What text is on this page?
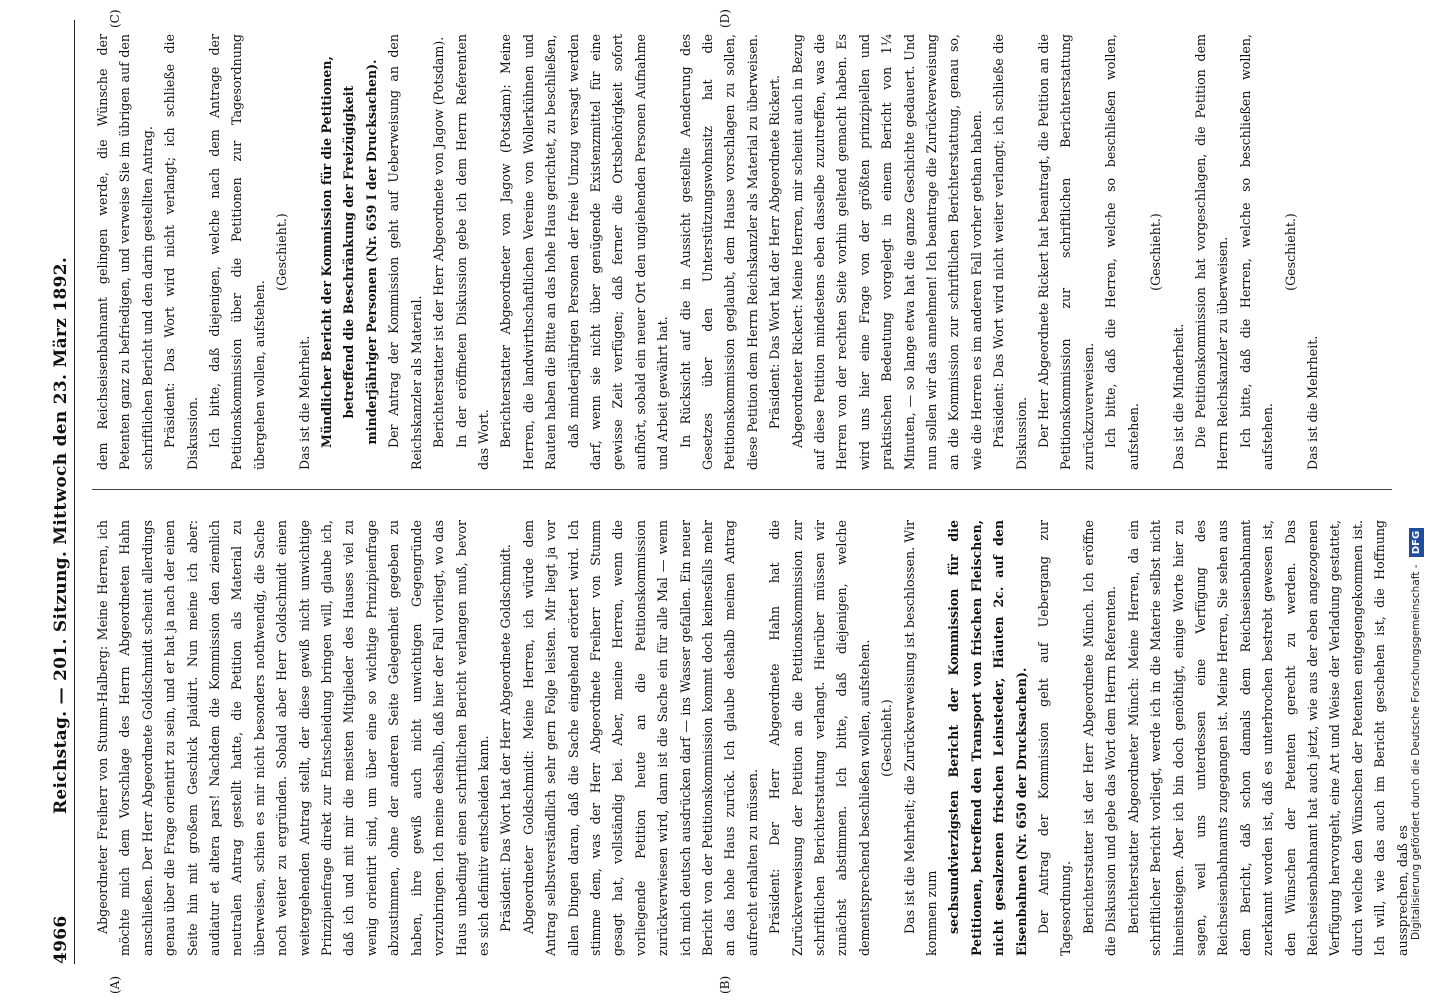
4966
Reichstag. — 201. Sitzung. Mittwoch den 23. März 1892.
(A)	(B)
(C)	(D)

Abgeordneter Freiherr von Stumm-Halberg: Meine Herren, ich möchte mich dem Vorschlage des Herrn Abgeordneten Hahn anschließen. Der Herr Abgeordnete Goldschmidt scheint allerdings genau über die Frage orientirt zu sein, und er hat ja nach der einen Seite hin mit großem Geschick plaidirt. Nun meine ich aber: audiatur et altera pars! Nachdem die Kommission den ziemlich neutralen Antrag gestellt hatte, die Petition als Material zu überweisen, schien es mir nicht besonders nothwendig, die Sache noch weiter zu ergründen. Sobald aber Herr Goldschmidt einen weitergehenden Antrag stellt, der diese gewiß nicht unwichtige Prinzipienfrage direkt zur Entscheidung bringen will, glaube ich, daß ich und mit mir die meisten Mitglieder des Hauses viel zu wenig orientirt sind, um über eine so wichtige Prinzipienfrage abzustimmen, ohne der anderen Seite Gelegenheit gegeben zu haben, ihre gewiß auch nicht unwichtigen Gegengründe vorzubringen. Ich meine deshalb, daß hier der Fall vorliegt, wo das Haus unbedingt einen schriftlichen Bericht verlangen muß, bevor es sich definitiv entscheiden kann. Präsident: Das Wort hat der Herr Abgeordnete Goldschmidt. Abgeordneter Goldschmidt: Meine Herren, ich würde dem Antrag selbstverständlich sehr gern Folge leisten. Mir liegt ja vor allen Dingen daran, daß die Sache eingehend erörtert wird. Ich stimme dem, was der Herr Abgeordnete Freiherr von Stumm gesagt hat, vollständig bei. Aber, meine Herren, wenn die vorliegende Petition heute an die Petitionskommission zurückverwiesen wird, dann ist die Sache ein für alle Mal — wenn ich mich deutsch ausdrücken darf — ins Wasser gefallen. Ein neuer Bericht von der Petitionskommission kommt doch keinesfalls mehr an das hohe Haus zurück. Ich glaube deshalb meinen Antrag aufrecht erhalten zu müssen. Präsident: Der Herr Abgeordnete Hahn hat die Zurückverweisung der Petition an die Petitionskommission zur schriftlichen Berichterstattung verlangt. Hierüber müssen wir zunächst abstimmen. Ich bitte, daß diejenigen, welche dementsprechend beschließen wollen, aufstehen. (Geschieht.) Das ist die Mehrheit; die Zurückverweisung ist beschlossen. Wir kommen zum sechsundvierzigsten Bericht der Kommission für die Petitionen, betreffend den Transport von frischen Fleischen, nicht gesalzenen frischen Leinsteder, Häuten 2c. auf den Eisenbahnen (Nr. 650 der Drucksachen). Der Antrag der Kommission geht auf Uebergang zur Tagesordnung. Berichterstatter ist der Herr Abgeordnete Münch. Ich eröffne die Diskussion und gebe das Wort dem Herrn Referenten. Berichterstatter Abgeordneter Münch: Meine Herren, da ein schriftlicher Bericht vorliegt, werde ich in die Materie selbst nicht hineinsteigen. Aber ich bin doch genöthigt, einige Worte hier zu sagen, weil uns unterdessen eine Verfügung des Reichseisenbahnamts zugegangen ist. Meine Herren, Sie sehen aus dem Bericht, daß schon damals dem Reichseisenbahnamt zuerkannt worden ist, daß es unterbrochen bestrebt gewesen ist, den Wünschen der Petenten gerecht zu werden. Das Reichseisenbahnamt hat auch jetzt, wie aus der eben angezogenen Verfügung hervorgeht, eine Art und Weise der Verladung gestattet, durch welche den Wünschen der Petenten entgegengekommen ist. Ich will, wie das auch im Bericht geschehen ist, die Hoffnung aussprechen, daß es

dem Reichseisenbahnamt gelingen werde, die Wünsche der Petenten ganz zu befriedigen, und verweise Sie im übrigen auf den schriftlichen Bericht und den darin gestellten Antrag. Präsident: Das Wort wird nicht verlangt; ich schließe die Diskussion. Ich bitte, daß diejenigen, welche nach dem Antrage der Petitionskommission über die Petitionen zur Tagesordnung übergehen wollen, aufstehen.

(Geschieht.)

Das ist die Mehrheit. Mündlicher Bericht der Kommission für die Petitionen, betreffend die Beschränkung der Freizügigkeit minderjähriger Personen (Nr. 659 I der Drucksachen). Der Antrag der Kommission geht auf Ueberweisung an den Reichskanzler als Material. Berichterstatter ist der Herr Abgeordnete von Jagow (Potsdam). In der eröffneten Diskussion gebe ich dem Herrn Referenten das Wort. Berichterstatter Abgeordneter von Jagow (Potsdam): Meine Herren, die landwirthschaftlichen Vereine von Wollerkühnen und Rauten haben die Bitte an das hohe Haus gerichtet, zu beschließen, daß minderjährigen Personen der freie Umzug versagt werden darf, wenn sie nicht über genügende Existenzmittel für eine gewisse Zeit verfügen; daß ferner die Ortsbehörigkeit sofort aufhört, sobald ein neuer Ort den ungiehenden Personen Aufnahme und Arbeit gewährt hat. In Rücksicht auf die in Aussicht gestellte Aenderung des Gesetzes über den Unterstützungswohnsitz hat die Petitionskommission geglaubt, dem Hause vorschlagen zu sollen, diese Petition dem Herrn Reichskanzler als Material zu überweisen. Präsident: Das Wort hat der Herr Abgeordnete Rickert. Abgeordneter Rickert: Meine Herren, mir scheint auch in Bezug auf diese Petition mindestens eben dasselbe zuzutreffen, was die Herren von der rechten Seite vorhin geltend gemacht haben. Es wird uns hier eine Frage von der größten prinzipiellen und praktischen Bedeutung vorgelegt in einem Bericht von 1¼ Minuten, — so lange etwa hat die ganze Geschichte gedauert. Und nun sollen wir das annehmen! Ich beantrage die Zurückverweisung an die Kommission zur schriftlichen Berichterstattung, genau so, wie die Herren es im anderen Fall vorher gethan haben. Präsident: Das Wort wird nicht weiter verlangt; ich schließe die Diskussion. Der Herr Abgeordnete Rickert hat beantragt, die Petition an die Petitionskommission zur schriftlichen Berichterstattung zurückzuverweisen. Ich bitte, daß die Herren, welche so beschließen wollen, aufstehen.

(Geschieht.)

Das ist die Minderheit. Die Petitionskommission hat vorgeschlagen, die Petition dem Herrn Reichskanzler zu überweisen. Ich bitte, daß die Herren, welche so beschließen wollen, aufstehen.

(Geschieht.)

Das ist die Mehrheit.

Digitalisierung gefördert durch die Deutsche Forschungsgemeinschaft - DFG
